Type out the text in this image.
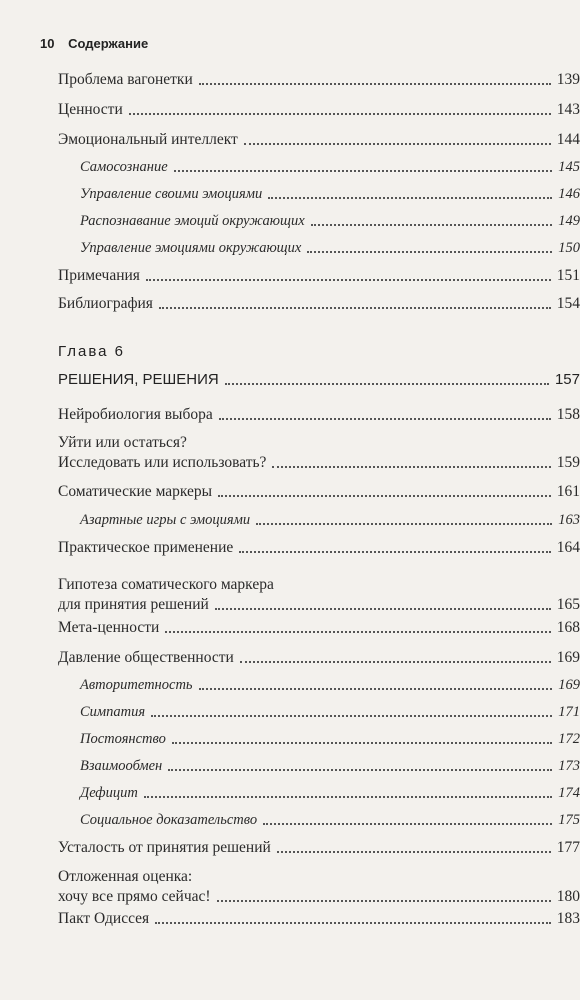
10 Содержание
Проблема вагонетки	139
Ценности	143
Эмоциональный интеллект	144
Самосознание	145
Управление своими эмоциями	146
Распознавание эмоций окружающих	149
Управление эмоциями окружающих	150
Примечания	151
Библиография	154
Глава 6
РЕШЕНИЯ, РЕШЕНИЯ	157
Нейробиология выбора	158
Уйти или остаться?
Исследовать или использовать?	159
Соматические маркеры	161
Азартные игры с эмоциями	163
Практическое применение	164
Гипотеза соматического маркера
для принятия решений	165
Мета-ценности	168
Давление общественности	169
Авторитетность	169
Симпатия	171
Постоянство	172
Взаимообмен	173
Дефицит	174
Социальное доказательство	175
Усталость от принятия решений	177
Отложенная оценка:
хочу все прямо сейчас!	180
Пакт Одиссея	183
